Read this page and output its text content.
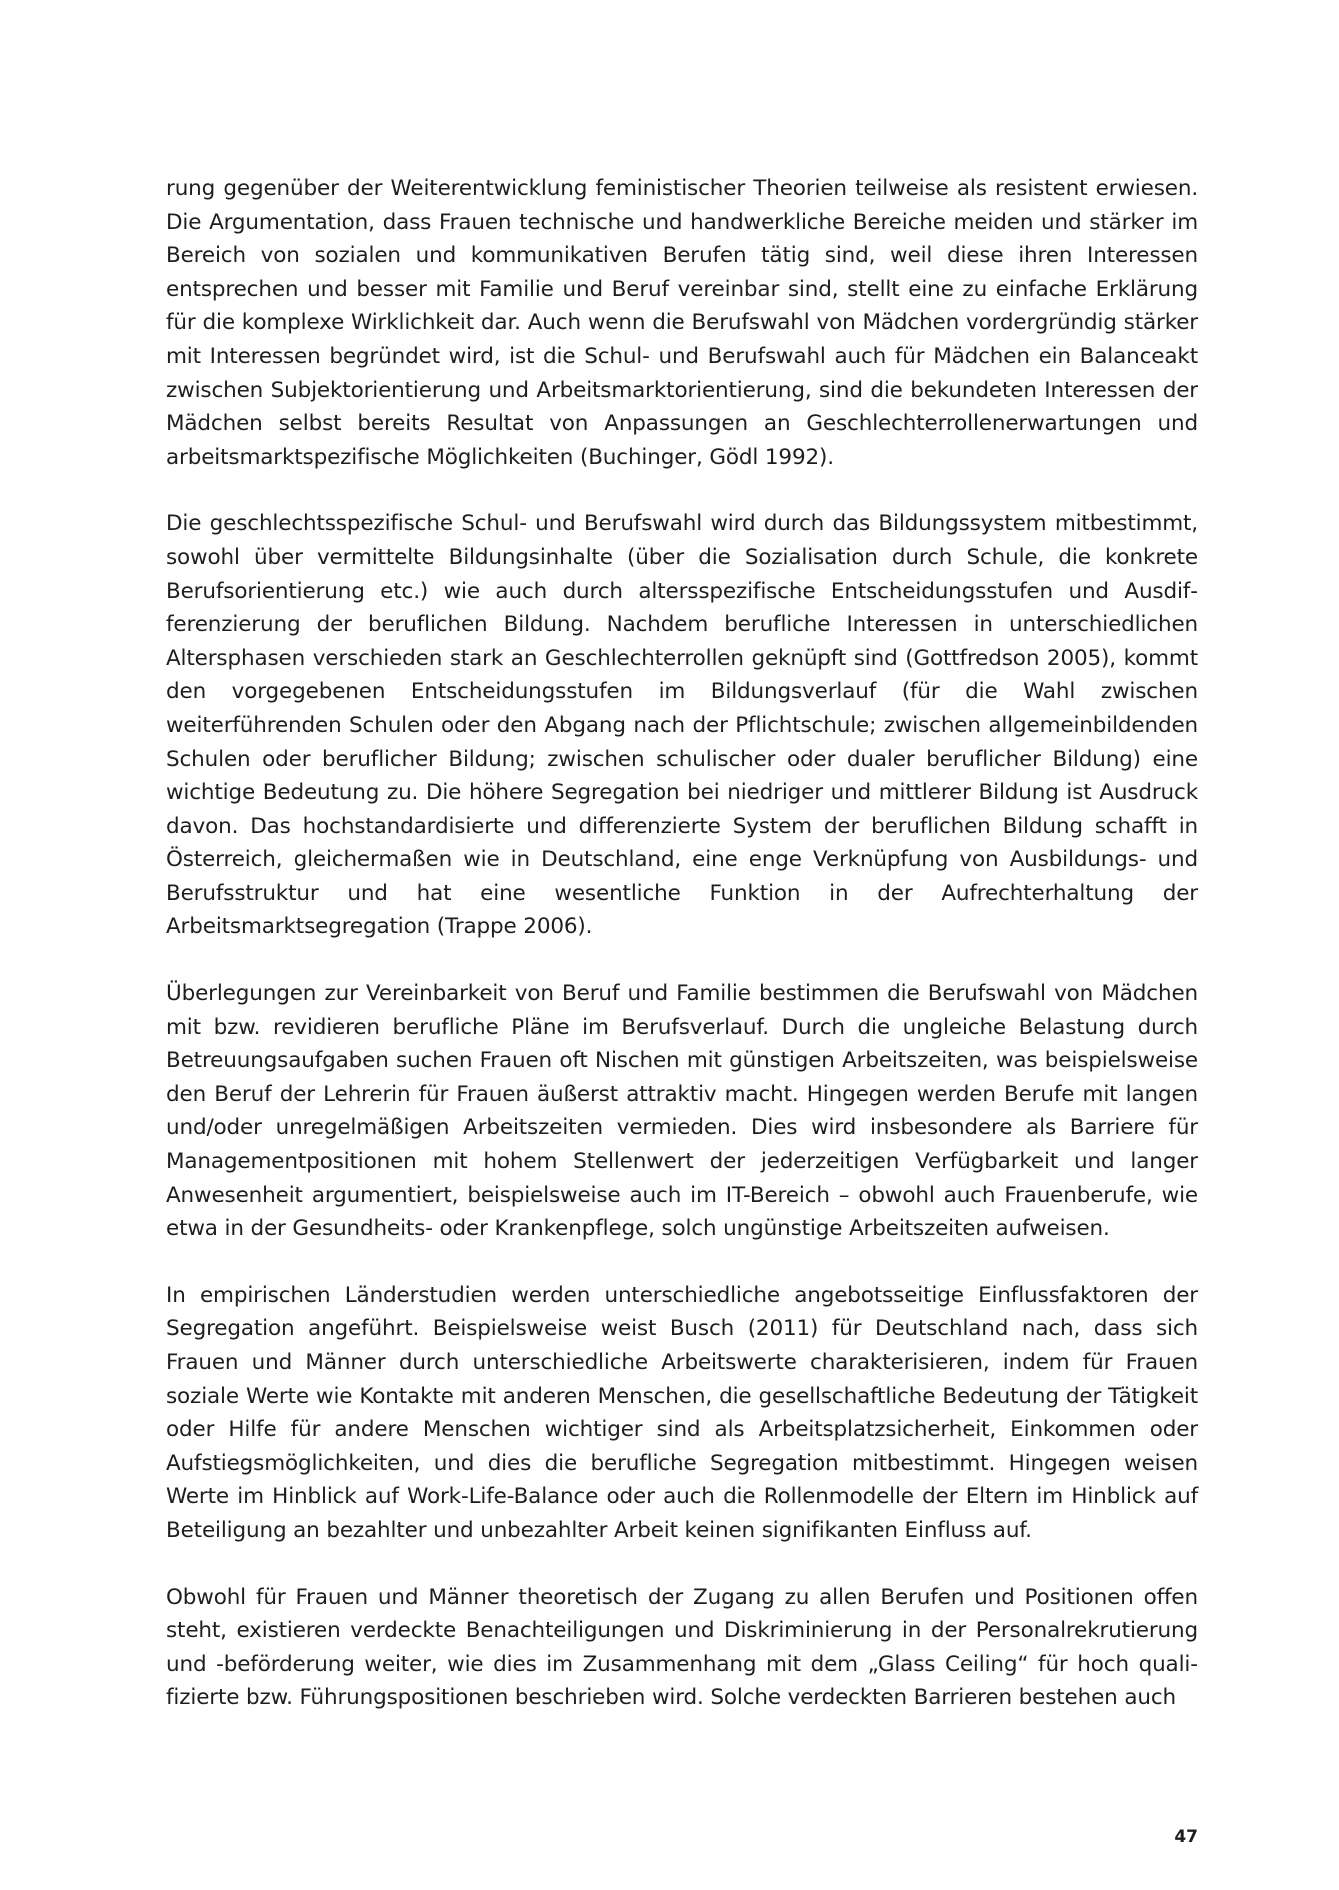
rung gegenüber der Weiterentwicklung feministischer Theorien teilweise als resistent erwiesen. Die Argumentation, dass Frauen technische und handwerkliche Bereiche meiden und stärker im Bereich von sozialen und kommunikativen Berufen tätig sind, weil diese ihren Interessen entsprechen und besser mit Familie und Beruf vereinbar sind, stellt eine zu einfache Erklärung für die komplexe Wirklichkeit dar. Auch wenn die Berufswahl von Mädchen vordergründig stärker mit Interessen begründet wird, ist die Schul- und Berufswahl auch für Mädchen ein Balanceakt zwischen Subjektorientierung und Arbeitsmarktorientierung, sind die bekundeten Interessen der Mädchen selbst bereits Resultat von Anpassungen an Geschlechterrollenerwartungen und arbeitsmarktspezifische Möglichkeiten (Buchinger, Gödl 1992).

Die geschlechtsspezifische Schul- und Berufswahl wird durch das Bildungssystem mitbestimmt, sowohl über vermittelte Bildungsinhalte (über die Sozialisation durch Schule, die konkrete Berufsorientierung etc.) wie auch durch altersspezifische Entscheidungsstufen und Ausdifferenzierung der beruflichen Bildung. Nachdem berufliche Interessen in unterschiedlichen Altersphasen verschieden stark an Geschlechterrollen geknüpft sind (Gottfredson 2005), kommt den vorgegebenen Entscheidungsstufen im Bildungsverlauf (für die Wahl zwischen weiterführenden Schulen oder den Abgang nach der Pflichtschule; zwischen allgemeinbildenden Schulen oder beruflicher Bildung; zwischen schulischer oder dualer beruflicher Bildung) eine wichtige Bedeutung zu. Die höhere Segregation bei niedriger und mittlerer Bildung ist Ausdruck davon. Das hochstandardisierte und differenzierte System der beruflichen Bildung schafft in Österreich, gleichermaßen wie in Deutschland, eine enge Verknüpfung von Ausbildungs- und Berufsstruktur und hat eine wesentliche Funktion in der Aufrechterhaltung der Arbeitsmarktsegregation (Trappe 2006).

Überlegungen zur Vereinbarkeit von Beruf und Familie bestimmen die Berufswahl von Mädchen mit bzw. revidieren berufliche Pläne im Berufsverlauf. Durch die ungleiche Belastung durch Betreuungsaufgaben suchen Frauen oft Nischen mit günstigen Arbeitszeiten, was beispielsweise den Beruf der Lehrerin für Frauen äußerst attraktiv macht. Hingegen werden Berufe mit langen und/oder unregelmäßigen Arbeitszeiten vermieden. Dies wird insbesondere als Barriere für Managementpositionen mit hohem Stellenwert der jederzeitigen Verfügbarkeit und langer Anwesenheit argumentiert, beispielsweise auch im IT-Bereich – obwohl auch Frauenberufe, wie etwa in der Gesundheits- oder Krankenpflege, solch ungünstige Arbeitszeiten aufweisen.

In empirischen Länderstudien werden unterschiedliche angebotsseitige Einflussfaktoren der Segregation angeführt. Beispielsweise weist Busch (2011) für Deutschland nach, dass sich Frauen und Männer durch unterschiedliche Arbeitswerte charakterisieren, indem für Frauen soziale Werte wie Kontakte mit anderen Menschen, die gesellschaftliche Bedeutung der Tätigkeit oder Hilfe für andere Menschen wichtiger sind als Arbeitsplatzsicherheit, Einkommen oder Aufstiegsmöglichkeiten, und dies die berufliche Segregation mitbestimmt. Hingegen weisen Werte im Hinblick auf Work-Life-Balance oder auch die Rollenmodelle der Eltern im Hinblick auf Beteiligung an bezahlter und unbezahlter Arbeit keinen signifikanten Einfluss auf.

Obwohl für Frauen und Männer theoretisch der Zugang zu allen Berufen und Positionen offen steht, existieren verdeckte Benachteiligungen und Diskriminierung in der Personalrekrutierung und -beförderung weiter, wie dies im Zusammenhang mit dem „Glass Ceiling“ für hoch qualifizierte bzw. Führungspositionen beschrieben wird. Solche verdeckten Barrieren bestehen auch

47
